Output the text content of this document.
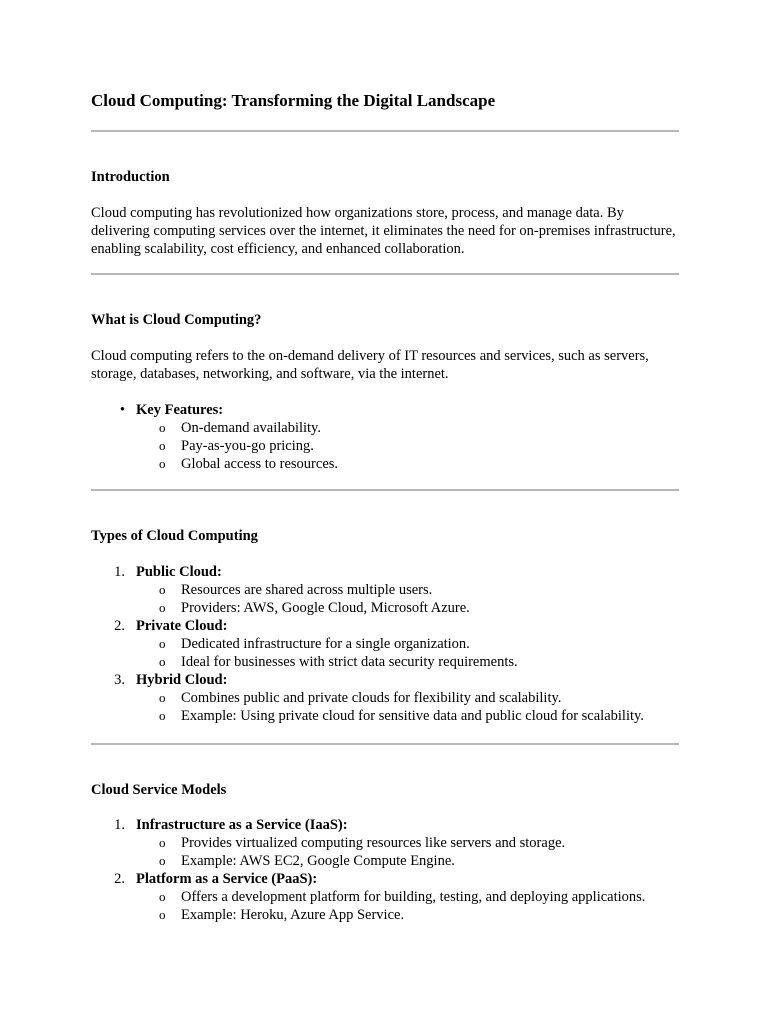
Cloud Computing: Transforming the Digital Landscape
Introduction

Cloud computing has revolutionized how organizations store, process, and manage data. By delivering computing services over the internet, it eliminates the need for on-premises infrastructure, enabling scalability, cost efficiency, and enhanced collaboration.

What is Cloud Computing?

Cloud computing refers to the on-demand delivery of IT resources and services, such as servers, storage, databases, networking, and software, via the internet.

• Key Features:
o On-demand availability.
o Pay-as-you-go pricing.
o Global access to resources.
Types of Cloud Computing
1. Public Cloud:
o Resources are shared across multiple users.
o Providers: AWS, Google Cloud, Microsoft Azure.
2. Private Cloud:
o Dedicated infrastructure for a single organization.
o Ideal for businesses with strict data security requirements.
3. Hybrid Cloud:
o Combines public and private clouds for flexibility and scalability.
o Example: Using private cloud for sensitive data and public cloud for scalability.
Cloud Service Models
1. Infrastructure as a Service (IaaS):
o Provides virtualized computing resources like servers and storage.
o Example: AWS EC2, Google Compute Engine.
2. Platform as a Service (PaaS):
o Offers a development platform for building, testing, and deploying applications.
o Example: Heroku, Azure App Service.
